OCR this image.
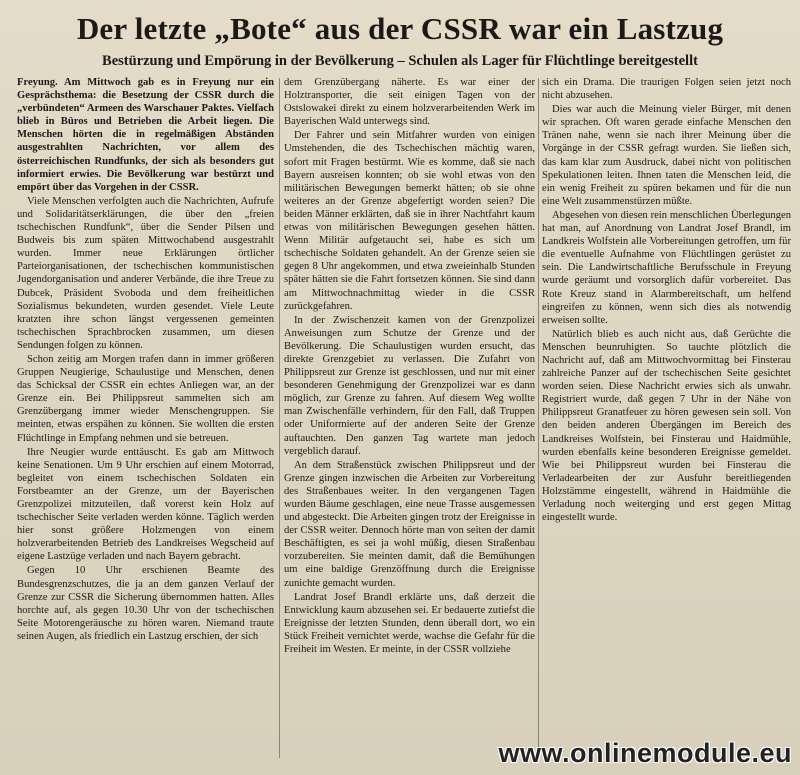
Der letzte „Bote“ aus der CSSR war ein Lastzug
Bestürzung und Empörung in der Bevölkerung – Schulen als Lager für Flüchtlinge bereitgestellt

Freyung. Am Mittwoch gab es in Freyung nur ein Gesprächsthema: die Besetzung der CSSR durch die „verbündeten“ Armeen des Warschauer Paktes. Vielfach blieb in Büros und Betrieben die Arbeit liegen. Die Menschen hörten die in regelmäßigen Abständen ausgestrahlten Nachrichten, vor allem des österreichischen Rundfunks, der sich als besonders gut informiert erwies. Die Bevölkerung war bestürzt und empört über das Vorgehen in der CSSR.

Viele Menschen verfolgten auch die Nachrichten, Aufrufe und Solidaritätserklärungen, die über den „freien tschechischen Rundfunk“, über die Sender Pilsen und Budweis bis zum späten Mittwochabend ausgestrahlt wurden. Immer neue Erklärungen örtlicher Parteiorganisationen, der tschechischen kommunistischen Jugendorganisation und anderer Verbände, die ihre Treue zu Dubcek, Präsident Svoboda und dem freiheitlichen Sozialismus bekundeten, wurden gesendet. Viele Leute kratzten ihre schon längst vergessenen gemeinten tschechischen Sprachbrocken zusammen, um diesen Sendungen folgen zu können.

Schon zeitig am Morgen trafen dann in immer größeren Gruppen Neugierige, Schaulustige und Menschen, denen das Schicksal der CSSR ein echtes Anliegen war, an der Grenze ein. Bei Philippsreut sammelten sich am Grenzübergang immer wieder Menschengruppen. Sie meinten, etwas erspähen zu können. Sie wollten die ersten Flüchtlinge in Empfang nehmen und sie betreuen.

Ihre Neugier wurde enttäuscht. Es gab am Mittwoch keine Senationen. Um 9 Uhr erschien auf einem Motorrad, begleitet von einem tschechischen Soldaten ein Forstbeamter an der Grenze, um der Bayerischen Grenzpolizei mitzuteilen, daß vorerst kein Holz auf tschechischer Seite verladen werden könne. Täglich werden hier sonst größere Holzmengen von einem holzverarbeitenden Betrieb des Landkreises Wegscheid auf eigene Lastzüge verladen und nach Bayern gebracht.

Gegen 10 Uhr erschienen Beamte des Bundesgrenzschutzes, die ja an dem ganzen Verlauf der Grenze zur CSSR die Sicherung übernommen hatten. Alles horchte auf, als gegen 10.30 Uhr von der tschechischen Seite Motorengeräusche zu hören waren. Niemand traute seinen Augen, als friedlich ein Lastzug erschien, der sich

dem Grenzübergang näherte. Es war einer der Holztransporter, die seit einigen Tagen von der Ostslowakei direkt zu einem holzverarbeitenden Werk im Bayerischen Wald unterwegs sind.

Der Fahrer und sein Mitfahrer wurden von einigen Umstehenden, die des Tschechischen mächtig waren, sofort mit Fragen bestürmt. Wie es komme, daß sie nach Bayern ausreisen konnten; ob sie wohl etwas von den militärischen Bewegungen bemerkt hätten; ob sie ohne weiteres an der Grenze abgefertigt worden seien? Die beiden Männer erklärten, daß sie in ihrer Nachtfahrt kaum etwas von militärischen Bewegungen gesehen hätten. Wenn Militär aufgetaucht sei, habe es sich um tschechische Soldaten gehandelt. An der Grenze seien sie gegen 8 Uhr angekommen, und etwa zweieinhalb Stunden später hätten sie die Fahrt fortsetzen können. Sie sind dann am Mittwochnachmittag wieder in die CSSR zurückgefahren.

In der Zwischenzeit kamen von der Grenzpolizei Anweisungen zum Schutze der Grenze und der Bevölkerung. Die Schaulustigen wurden ersucht, das direkte Grenzgebiet zu verlassen. Die Zufahrt von Philippsreut zur Grenze ist geschlossen, und nur mit einer besonderen Genehmigung der Grenzpolizei war es dann möglich, zur Grenze zu fahren. Auf diesem Weg wollte man Zwischenfälle verhindern, für den Fall, daß Truppen oder Uniformierte auf der anderen Seite der Grenze auftauchten. Den ganzen Tag wartete man jedoch vergeblich darauf.

An dem Straßenstück zwischen Philippsreut und der Grenze gingen inzwischen die Arbeiten zur Vorbereitung des Straßenbaues weiter. In den vergangenen Tagen wurden Bäume geschlagen, eine neue Trasse ausgemessen und abgesteckt. Die Arbeiten gingen trotz der Ereignisse in der CSSR weiter. Dennoch hörte man von seiten der damit Beschäftigten, es sei ja wohl müßig, diesen Straßenbau vorzubereiten. Sie meinten damit, daß die Bemühungen um eine baldige Grenzöffnung durch die Ereignisse zunichte gemacht wurden.

Landrat Josef Brandl erklärte uns, daß derzeit die Entwicklung kaum abzusehen sei. Er bedauerte zutiefst die Ereignisse der letzten Stunden, denn überall dort, wo ein Stück Freiheit vernichtet werde, wachse die Gefahr für die Freiheit im Westen. Er meinte, in der CSSR vollziehe

sich ein Drama. Die traurigen Folgen seien jetzt noch nicht abzusehen.

Dies war auch die Meinung vieler Bürger, mit denen wir sprachen. Oft waren gerade einfache Menschen den Tränen nahe, wenn sie nach ihrer Meinung über die Vorgänge in der CSSR gefragt wurden. Sie ließen sich, das kam klar zum Ausdruck, dabei nicht von politischen Spekulationen leiten. Ihnen taten die Menschen leid, die ein wenig Freiheit zu spüren bekamen und für die nun eine Welt zusammenstürzen müßte.

Abgesehen von diesen rein menschlichen Überlegungen hat man, auf Anordnung von Landrat Josef Brandl, im Landkreis Wolfstein alle Vorbereitungen getroffen, um für die eventuelle Aufnahme von Flüchtlingen gerüstet zu sein. Die Landwirtschaftliche Berufsschule in Freyung wurde geräumt und vorsorglich dafür vorbereitet. Das Rote Kreuz stand in Alarmbereitschaft, um helfend eingreifen zu können, wenn sich dies als notwendig erweisen sollte.

Natürlich blieb es auch nicht aus, daß Gerüchte die Menschen beunruhigten. So tauchte plötzlich die Nachricht auf, daß am Mittwochvormittag bei Finsterau zahlreiche Panzer auf der tschechischen Seite gesichtet worden seien. Diese Nachricht erwies sich als unwahr. Registriert wurde, daß gegen 7 Uhr in der Nähe von Philippsreut Granatfeuer zu hören gewesen sein soll. Von den beiden anderen Übergängen im Bereich des Landkreises Wolfstein, bei Finsterau und Haidmühle, wurden ebenfalls keine besonderen Ereignisse gemeldet. Wie bei Philippsreut wurden bei Finsterau die Verladearbeiten der zur Ausfuhr bereitliegenden Holzstämme eingestellt, während in Haidmühle die Verladung noch weiterging und erst gegen Mittag eingestellt wurde.

www.onlinemodule.eu
